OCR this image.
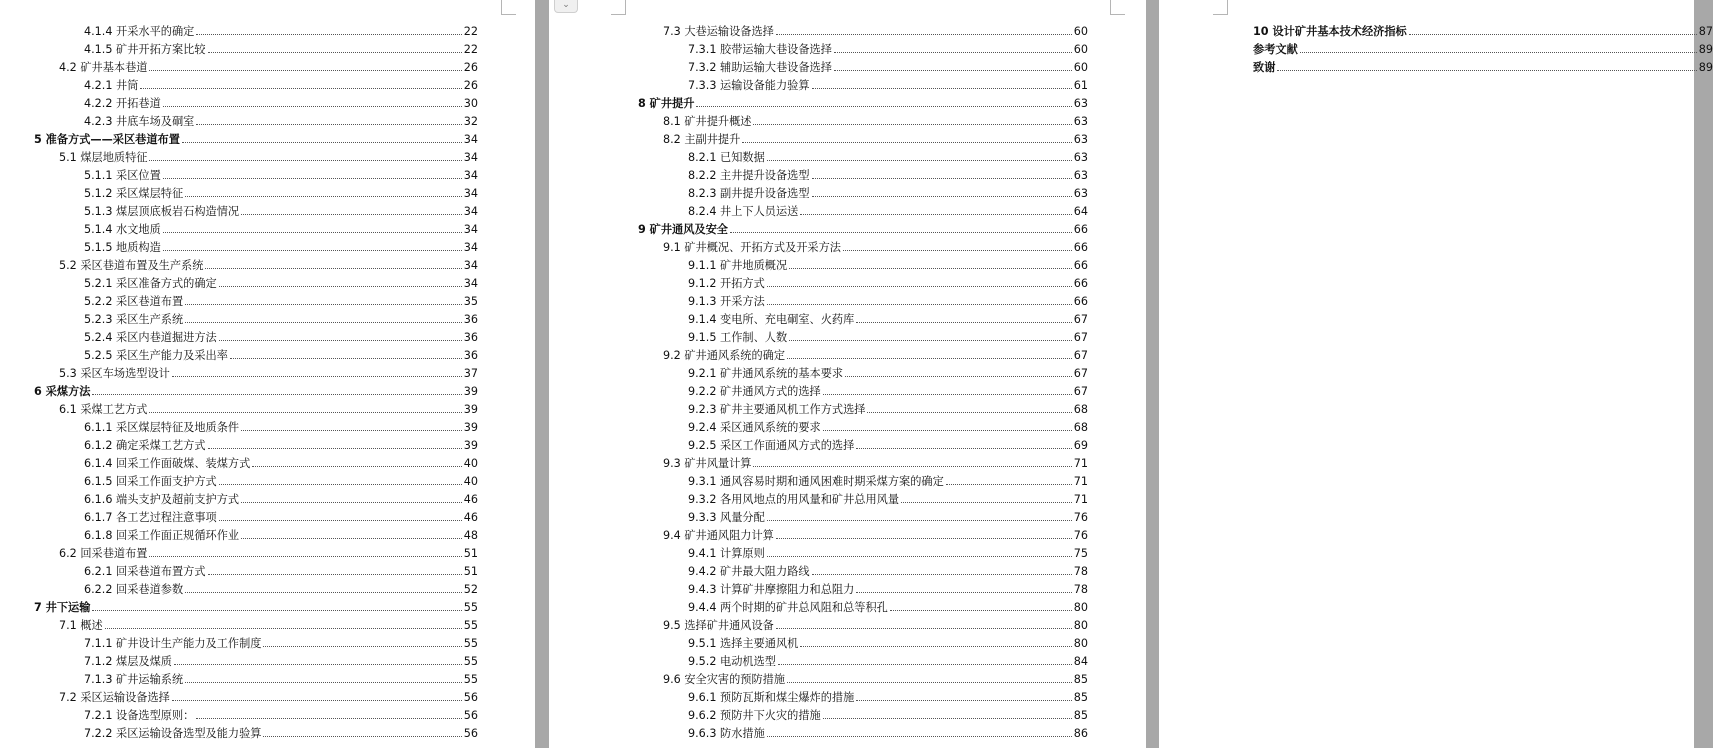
4.1.4 开采水平的确定	22
4.1.5 矿井开拓方案比较	22
4.2 矿井基本巷道	26
4.2.1 井筒	26
4.2.2 开拓巷道	30
4.2.3 井底车场及硐室	32
5 准备方式——采区巷道布置	34
5.1 煤层地质特征	34
5.1.1 采区位置	34
5.1.2 采区煤层特征	34
5.1.3 煤层顶底板岩石构造情况	34
5.1.4 水文地质	34
5.1.5 地质构造	34
5.2 采区巷道布置及生产系统	34
5.2.1 采区准备方式的确定	34
5.2.2 采区巷道布置	35
5.2.3 采区生产系统	36
5.2.4 采区内巷道掘进方法	36
5.2.5 采区生产能力及采出率	36
5.3 采区车场选型设计	37
6 采煤方法	39
6.1 采煤工艺方式	39
6.1.1 采区煤层特征及地质条件	39
6.1.2 确定采煤工艺方式	39
6.1.4 回采工作面破煤、装煤方式	40
6.1.5 回采工作面支护方式	40
6.1.6 端头支护及超前支护方式	46
6.1.7 各工艺过程注意事项	46
6.1.8 回采工作面正规循环作业	48
6.2 回采巷道布置	51
6.2.1 回采巷道布置方式	51
6.2.2 回采巷道参数	52
7 井下运输	55
7.1 概述	55
7.1.1 矿井设计生产能力及工作制度	55
7.1.2 煤层及煤质	55
7.1.3 矿井运输系统	55
7.2 采区运输设备选择	56
7.2.1 设备选型原则：	56
7.2.2 采区运输设备选型及能力验算	56
7.3 大巷运输设备选择	60
7.3.1 胶带运输大巷设备选择	60
7.3.2 辅助运输大巷设备选择	60
7.3.3 运输设备能力验算	61
8 矿井提升	63
8.1 矿井提升概述	63
8.2 主副井提升	63
8.2.1 已知数据	63
8.2.2 主井提升设备选型	63
8.2.3 副井提升设备选型	63
8.2.4 井上下人员运送	64
9 矿井通风及安全	66
9.1 矿井概况、开拓方式及开采方法	66
9.1.1 矿井地质概况	66
9.1.2 开拓方式	66
9.1.3 开采方法	66
9.1.4 变电所、充电硐室、火药库	67
9.1.5 工作制、人数	67
9.2 矿井通风系统的确定	67
9.2.1 矿井通风系统的基本要求	67
9.2.2 矿井通风方式的选择	67
9.2.3 矿井主要通风机工作方式选择	68
9.2.4 采区通风系统的要求	68
9.2.5 采区工作面通风方式的选择	69
9.3 矿井风量计算	71
9.3.1 通风容易时期和通风困难时期采煤方案的确定	71
9.3.2 各用风地点的用风量和矿井总用风量	71
9.3.3 风量分配	76
9.4 矿井通风阻力计算	76
9.4.1 计算原则	75
9.4.2 矿井最大阻力路线	78
9.4.3 计算矿井摩擦阻力和总阻力	78
9.4.4 两个时期的矿井总风阻和总等积孔	80
9.5 选择矿井通风设备	80
9.5.1 选择主要通风机	80
9.5.2 电动机选型	84
9.6 安全灾害的预防措施	85
9.6.1 预防瓦斯和煤尘爆炸的措施	85
9.6.2 预防井下火灾的措施	85
9.6.3 防水措施	86
10 设计矿井基本技术经济指标	87
参考文献	89
致谢	89
⌄
